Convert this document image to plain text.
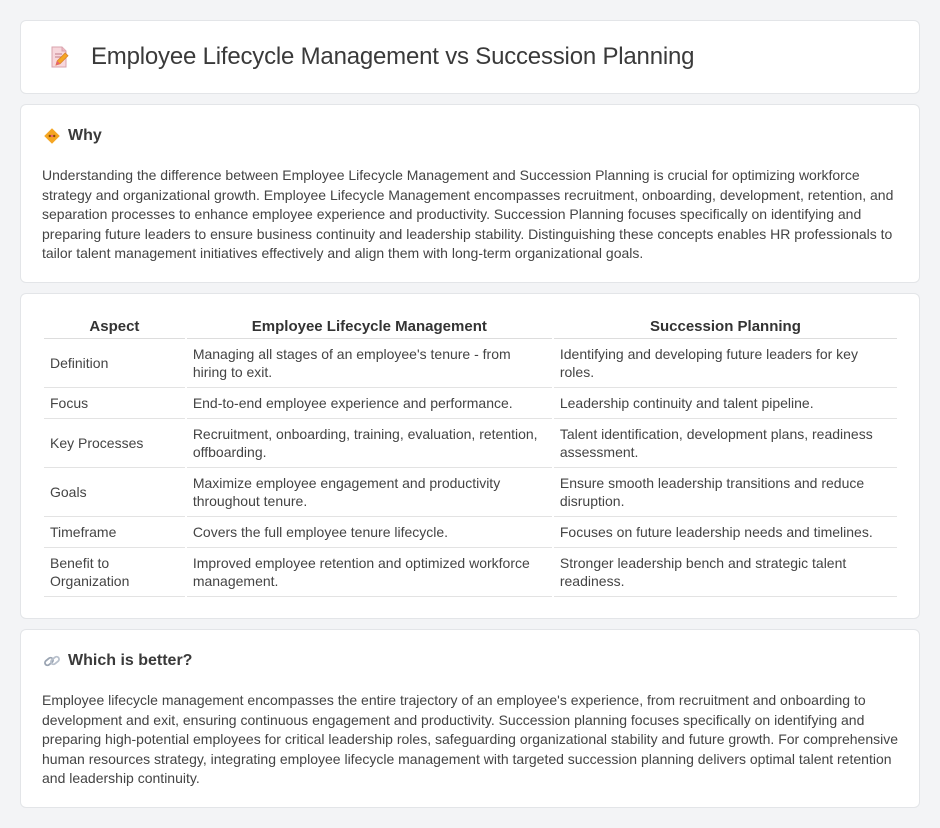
Employee Lifecycle Management vs Succession Planning
Why

Understanding the difference between Employee Lifecycle Management and Succession Planning is crucial for optimizing workforce strategy and organizational growth. Employee Lifecycle Management encompasses recruitment, onboarding, development, retention, and separation processes to enhance employee experience and productivity. Succession Planning focuses specifically on identifying and preparing future leaders to ensure business continuity and leadership stability. Distinguishing these concepts enables HR professionals to tailor talent management initiatives effectively and align them with long-term organizational goals.

Aspect	Employee Lifecycle Management	Succession Planning
Definition	Managing all stages of an employee's tenure - from hiring to exit.	Identifying and developing future leaders for key roles.
Focus	End-to-end employee experience and performance.	Leadership continuity and talent pipeline.
Key Processes	Recruitment, onboarding, training, evaluation, retention, offboarding.	Talent identification, development plans, readiness assessment.
Goals	Maximize employee engagement and productivity throughout tenure.	Ensure smooth leadership transitions and reduce disruption.
Timeframe	Covers the full employee tenure lifecycle.	Focuses on future leadership needs and timelines.
Benefit to Organization	Improved employee retention and optimized workforce management.	Stronger leadership bench and strategic talent readiness.
Which is better?

Employee lifecycle management encompasses the entire trajectory of an employee's experience, from recruitment and onboarding to development and exit, ensuring continuous engagement and productivity. Succession planning focuses specifically on identifying and preparing high-potential employees for critical leadership roles, safeguarding organizational stability and future growth. For comprehensive human resources strategy, integrating employee lifecycle management with targeted succession planning delivers optimal talent retention and leadership continuity.
